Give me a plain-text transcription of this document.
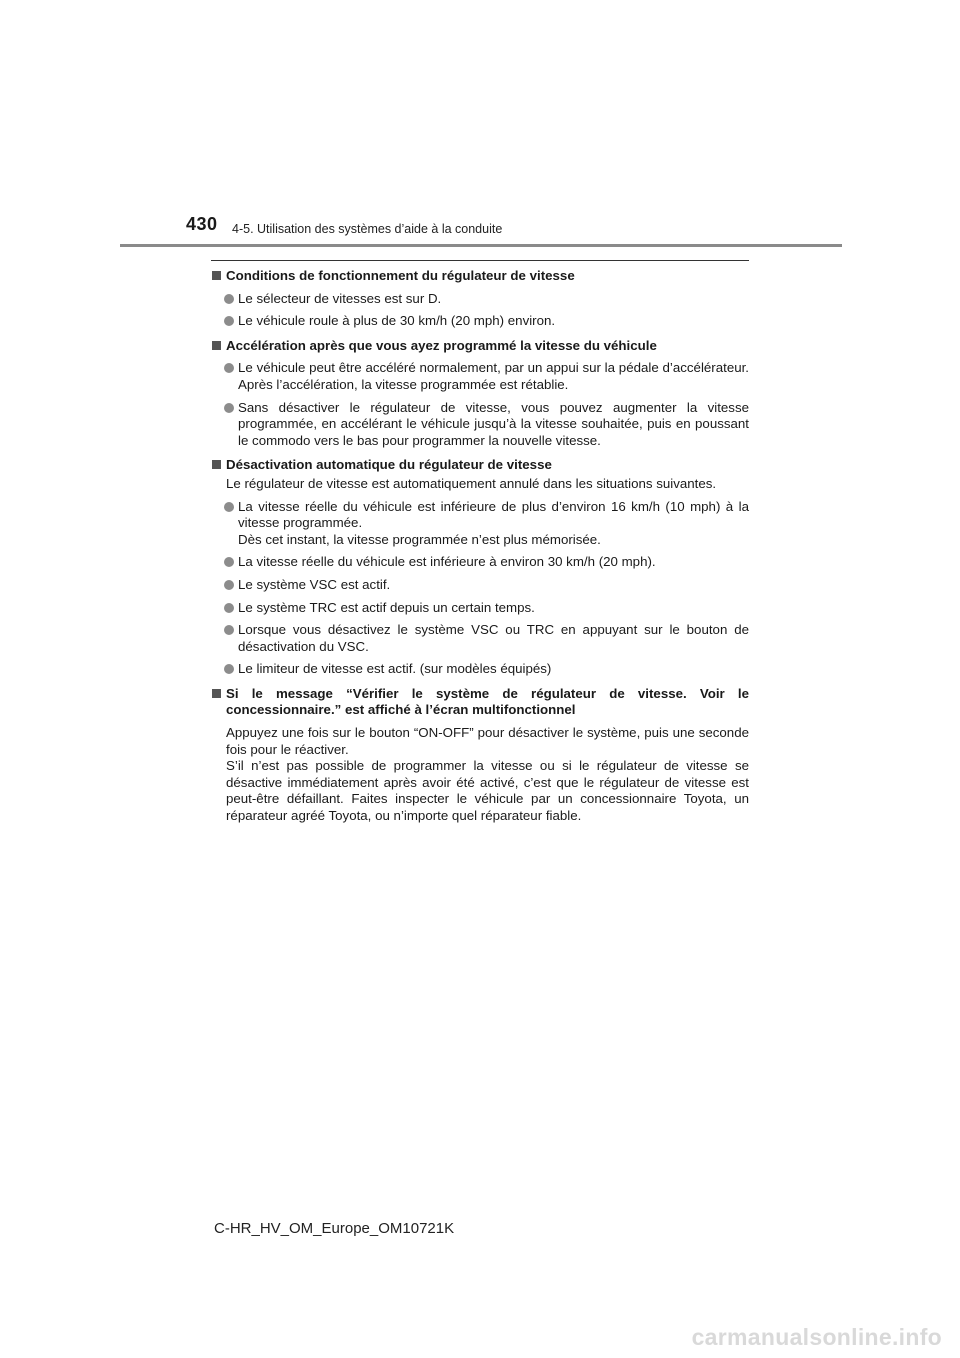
430 4-5. Utilisation des systèmes d’aide à la conduite
Conditions de fonctionnement du régulateur de vitesse
Le sélecteur de vitesses est sur D.
Le véhicule roule à plus de 30 km/h (20 mph) environ.
Accélération après que vous ayez programmé la vitesse du véhicule
Le véhicule peut être accéléré normalement, par un appui sur la pédale d’accélérateur. Après l’accélération, la vitesse programmée est rétablie.
Sans désactiver le régulateur de vitesse, vous pouvez augmenter la vitesse programmée, en accélérant le véhicule jusqu’à la vitesse souhaitée, puis en poussant le commodo vers le bas pour programmer la nouvelle vitesse.
Désactivation automatique du régulateur de vitesse
Le régulateur de vitesse est automatiquement annulé dans les situations suivantes.
La vitesse réelle du véhicule est inférieure de plus d’environ 16 km/h (10 mph) à la vitesse programmée.
Dès cet instant, la vitesse programmée n’est plus mémorisée.
La vitesse réelle du véhicule est inférieure à environ 30 km/h (20 mph).
Le système VSC est actif.
Le système TRC est actif depuis un certain temps.
Lorsque vous désactivez le système VSC ou TRC en appuyant sur le bouton de désactivation du VSC.
Le limiteur de vitesse est actif. (sur modèles équipés)
Si le message “Vérifier le système de régulateur de vitesse. Voir le concessionnaire.” est affiché à l’écran multifonctionnel
Appuyez une fois sur le bouton “ON-OFF” pour désactiver le système, puis une seconde fois pour le réactiver.
S’il n’est pas possible de programmer la vitesse ou si le régulateur de vitesse se désactive immédiatement après avoir été activé, c’est que le régulateur de vitesse est peut-être défaillant. Faites inspecter le véhicule par un concessionnaire Toyota, un réparateur agréé Toyota, ou n’importe quel réparateur fiable.
C-HR_HV_OM_Europe_OM10721K
carmanualsonline.info
